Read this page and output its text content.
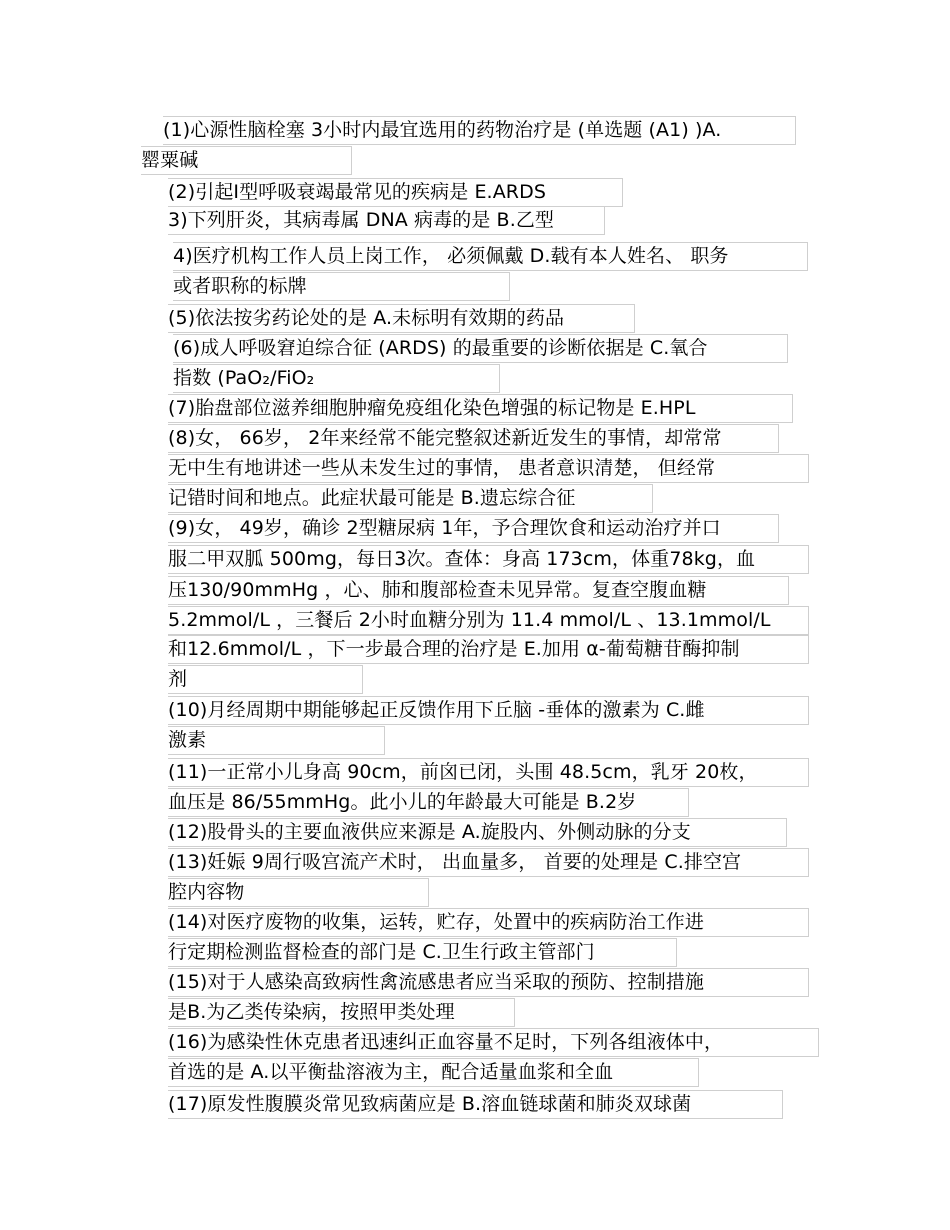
(1)心源性脑栓塞 3小时内最宜选用的药物治疗是 (单选题 (A1) )A.
罂粟碱
(2)引起Ⅰ型呼吸衰竭最常见的疾病是 E.ARDS
3)下列肝炎，其病毒属 DNA 病毒的是 B.乙型
4)医疗机构工作人员上岗工作， 必须佩戴 D.载有本人姓名、 职务
或者职称的标牌
(5)依法按劣药论处的是 A.未标明有效期的药品
(6)成人呼吸窘迫综合征 (ARDS) 的最重要的诊断依据是 C.氧合
指数 (PaO₂/FiO₂
(7)胎盘部位滋养细胞肿瘤免疫组化染色增强的标记物是 E.HPL
(8)女， 66岁， 2年来经常不能完整叙述新近发生的事情，却常常
无中生有地讲述一些从未发生过的事情， 患者意识清楚， 但经常
记错时间和地点。此症状最可能是 B.遗忘综合征
(9)女， 49岁，确诊 2型糖尿病 1年，予合理饮食和运动治疗并口
服二甲双胍 500mg，每日3次。查体：身高 173cm，体重78kg，血
压130/90mmHg ，心、肺和腹部检查未见异常。复查空腹血糖
5.2mmol/L ，三餐后 2小时血糖分别为 11.4 mmol/L 、13.1mmol/L
和12.6mmol/L ，下一步最合理的治疗是 E.加用 α-葡萄糖苷酶抑制
剂
(10)月经周期中期能够起正反馈作用下丘脑 -垂体的激素为 C.雌
激素
(11)一正常小儿身高 90cm，前囟已闭，头围 48.5cm，乳牙 20枚，
血压是 86/55mmHg。此小儿的年龄最大可能是 B.2岁
(12)股骨头的主要血液供应来源是 A.旋股内、外侧动脉的分支
(13)妊娠 9周行吸宫流产术时， 出血量多， 首要的处理是 C.排空宫
腔内容物
(14)对医疗废物的收集，运转，贮存，处置中的疾病防治工作进
行定期检测监督检查的部门是 C.卫生行政主管部门
(15)对于人感染高致病性禽流感患者应当采取的预防、控制措施
是B.为乙类传染病，按照甲类处理
(16)为感染性休克患者迅速纠正血容量不足时，下列各组液体中，
首选的是 A.以平衡盐溶液为主，配合适量血浆和全血
(17)原发性腹膜炎常见致病菌应是 B.溶血链球菌和肺炎双球菌
